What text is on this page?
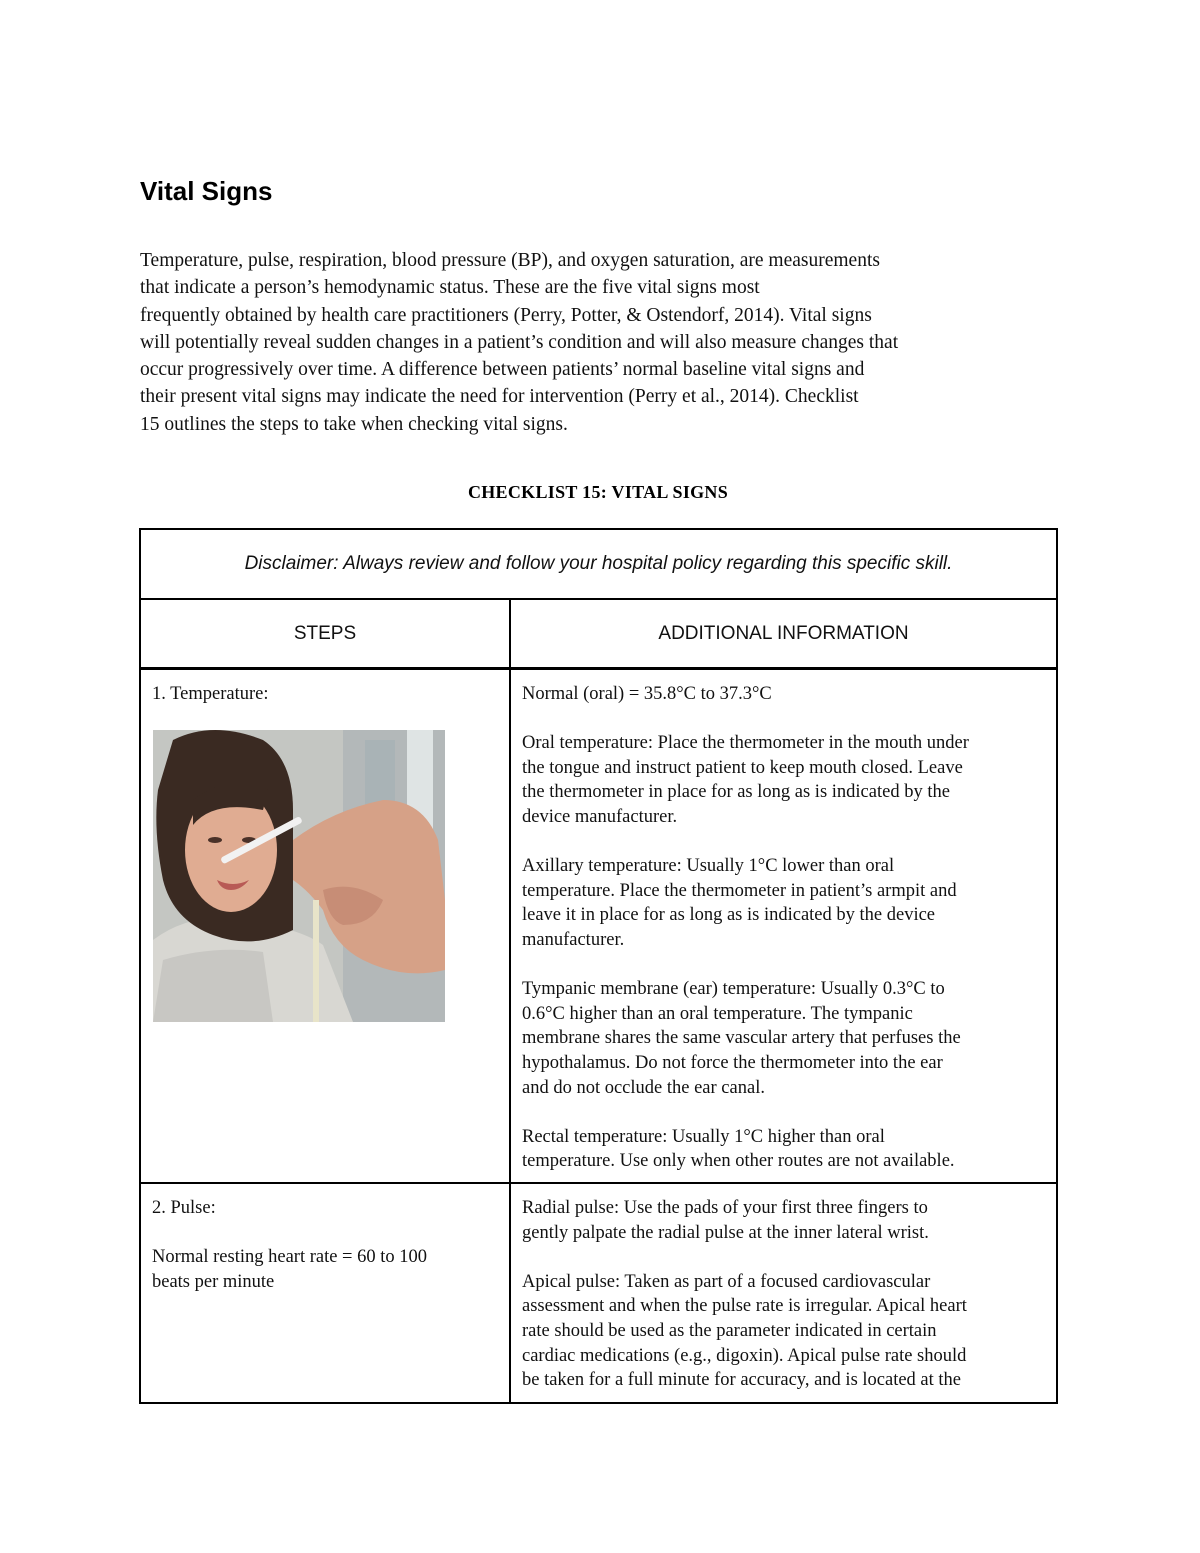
Vital Signs

Temperature, pulse, respiration, blood pressure (BP), and oxygen saturation, are measurements
that indicate a person’s hemodynamic status. These are the five vital signs most
frequently obtained by health care practitioners (Perry, Potter, & Ostendorf, 2014). Vital signs
will potentially reveal sudden changes in a patient’s condition and will also measure changes that
occur progressively over time. A difference between patients’ normal baseline vital signs and
their present vital signs may indicate the need for intervention (Perry et al., 2014). Checklist
15 outlines the steps to take when checking vital signs.

CHECKLIST 15: VITAL SIGNS
Disclaimer: Always review and follow your hospital policy regarding this specific skill.
STEPS	ADDITIONAL INFORMATION

1. Temperature:	Normal (oral) = 35.8°C to 37.3°C

Oral temperature: Place the thermometer in the mouth under
the tongue and instruct patient to keep mouth closed. Leave
the thermometer in place for as long as is indicated by the
device manufacturer.

Axillary temperature: Usually 1°C lower than oral
temperature. Place the thermometer in patient’s armpit and
leave it in place for as long as is indicated by the device
manufacturer.

Tympanic membrane (ear) temperature: Usually 0.3°C to
0.6°C higher than an oral temperature. The tympanic
membrane shares the same vascular artery that perfuses the
hypothalamus. Do not force the thermometer into the ear
and do not occlude the ear canal.

Rectal temperature: Usually 1°C higher than oral
temperature. Use only when other routes are not available.

2. Pulse:

Normal resting heart rate = 60 to 100
beats per minute

Radial pulse: Use the pads of your first three fingers to
gently palpate the radial pulse at the inner lateral wrist.

Apical pulse: Taken as part of a focused cardiovascular
assessment and when the pulse rate is irregular. Apical heart
rate should be used as the parameter indicated in certain
cardiac medications (e.g., digoxin). Apical pulse rate should
be taken for a full minute for accuracy, and is located at the
